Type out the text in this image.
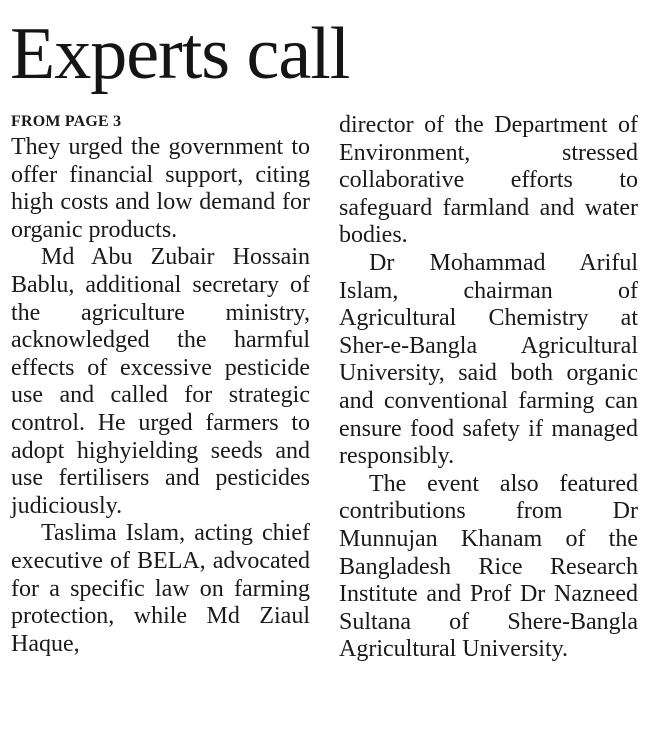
Experts call
FROM PAGE 3

They urged the government to offer financial support, citing high costs and low demand for organic products.

Md Abu Zubair Hossain Bablu, additional secretary of the agriculture ministry, acknowledged the harmful effects of excessive pesticide use and called for strategic control. He urged farmers to adopt highyielding seeds and use fertilisers and pesticides judiciously.

Taslima Islam, acting chief executive of BELA, advocated for a specific law on farming protection, while Md Ziaul Haque,

director of the Department of Environment, stressed collaborative efforts to safeguard farmland and water bodies.

Dr Mohammad Ariful Islam, chairman of Agricultural Chemistry at Sher-e-Bangla Agricultural University, said both organic and conventional farming can ensure food safety if managed responsibly.

The event also featured contributions from Dr Munnujan Khanam of the Bangladesh Rice Research Institute and Prof Dr Nazneed Sultana of Shere-Bangla Agricultural University.
